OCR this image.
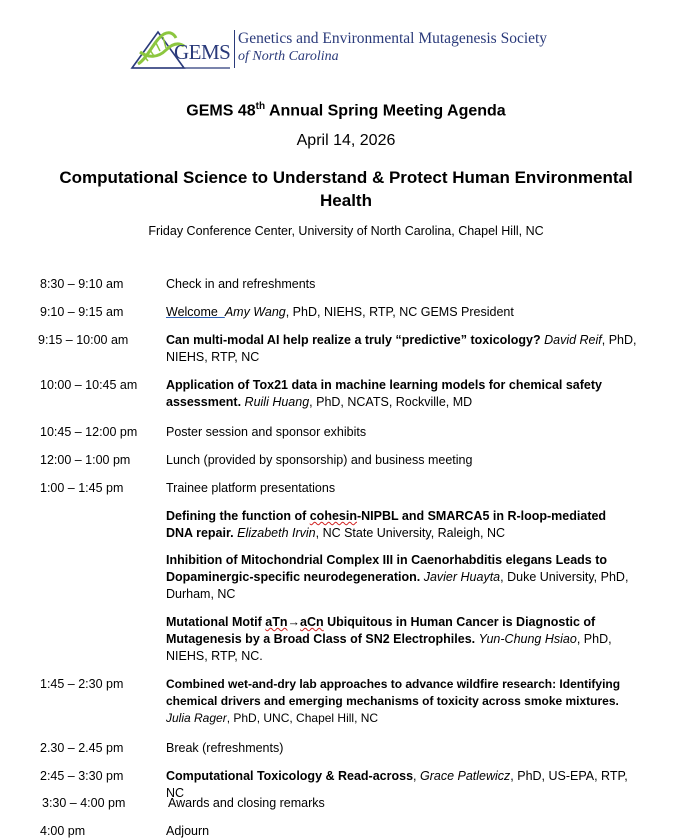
GEMS
Genetics and Environmental Mutagenesis Society
of North Carolina
GEMS 48th Annual Spring Meeting Agenda
April 14, 2026
Computational Science to Understand & Protect Human Environmental Health
Friday Conference Center, University of North Carolina, Chapel Hill, NC
8:30 – 9:10 am	Check in and refreshments
9:10 – 9:15 am	Welcome  Amy Wang, PhD, NIEHS, RTP, NC GEMS President
9:15 – 10:00 am	Can multi-modal AI help realize a truly “predictive” toxicology? David Reif, PhD, NIEHS, RTP, NC
10:00 – 10:45 am Application of Tox21 data in machine learning models for chemical safety assessment. Ruili Huang, PhD, NCATS, Rockville, MD
10:45 – 12:00 pm Poster session and sponsor exhibits
12:00 – 1:00 pm	Lunch (provided by sponsorship) and business meeting
1:00 – 1:45 pm	Trainee platform presentations
Defining the function of cohesin-NIPBL and SMARCA5 in R-loop-mediated DNA repair. Elizabeth Irvin, NC State University, Raleigh, NC
Inhibition of Mitochondrial Complex III in Caenorhabditis elegans Leads to Dopaminergic-specific neurodegeneration. Javier Huayta, Duke University, PhD, Durham, NC
Mutational Motif aTn→aCn Ubiquitous in Human Cancer is Diagnostic of Mutagenesis by a Broad Class of SN2 Electrophiles. Yun-Chung Hsiao, PhD, NIEHS, RTP, NC.
1:45 – 2:30 pm	Combined wet-and-dry lab approaches to advance wildfire research: Identifying chemical drivers and emerging mechanisms of toxicity across smoke mixtures. Julia Rager, PhD, UNC, Chapel Hill, NC
2.30 – 2.45 pm	Break (refreshments)
2:45 – 3:30 pm	Computational Toxicology & Read-across, Grace Patlewicz, PhD, US-EPA, RTP, NC
3:30 – 4:00 pm	Awards and closing remarks
4:00 pm	Adjourn
